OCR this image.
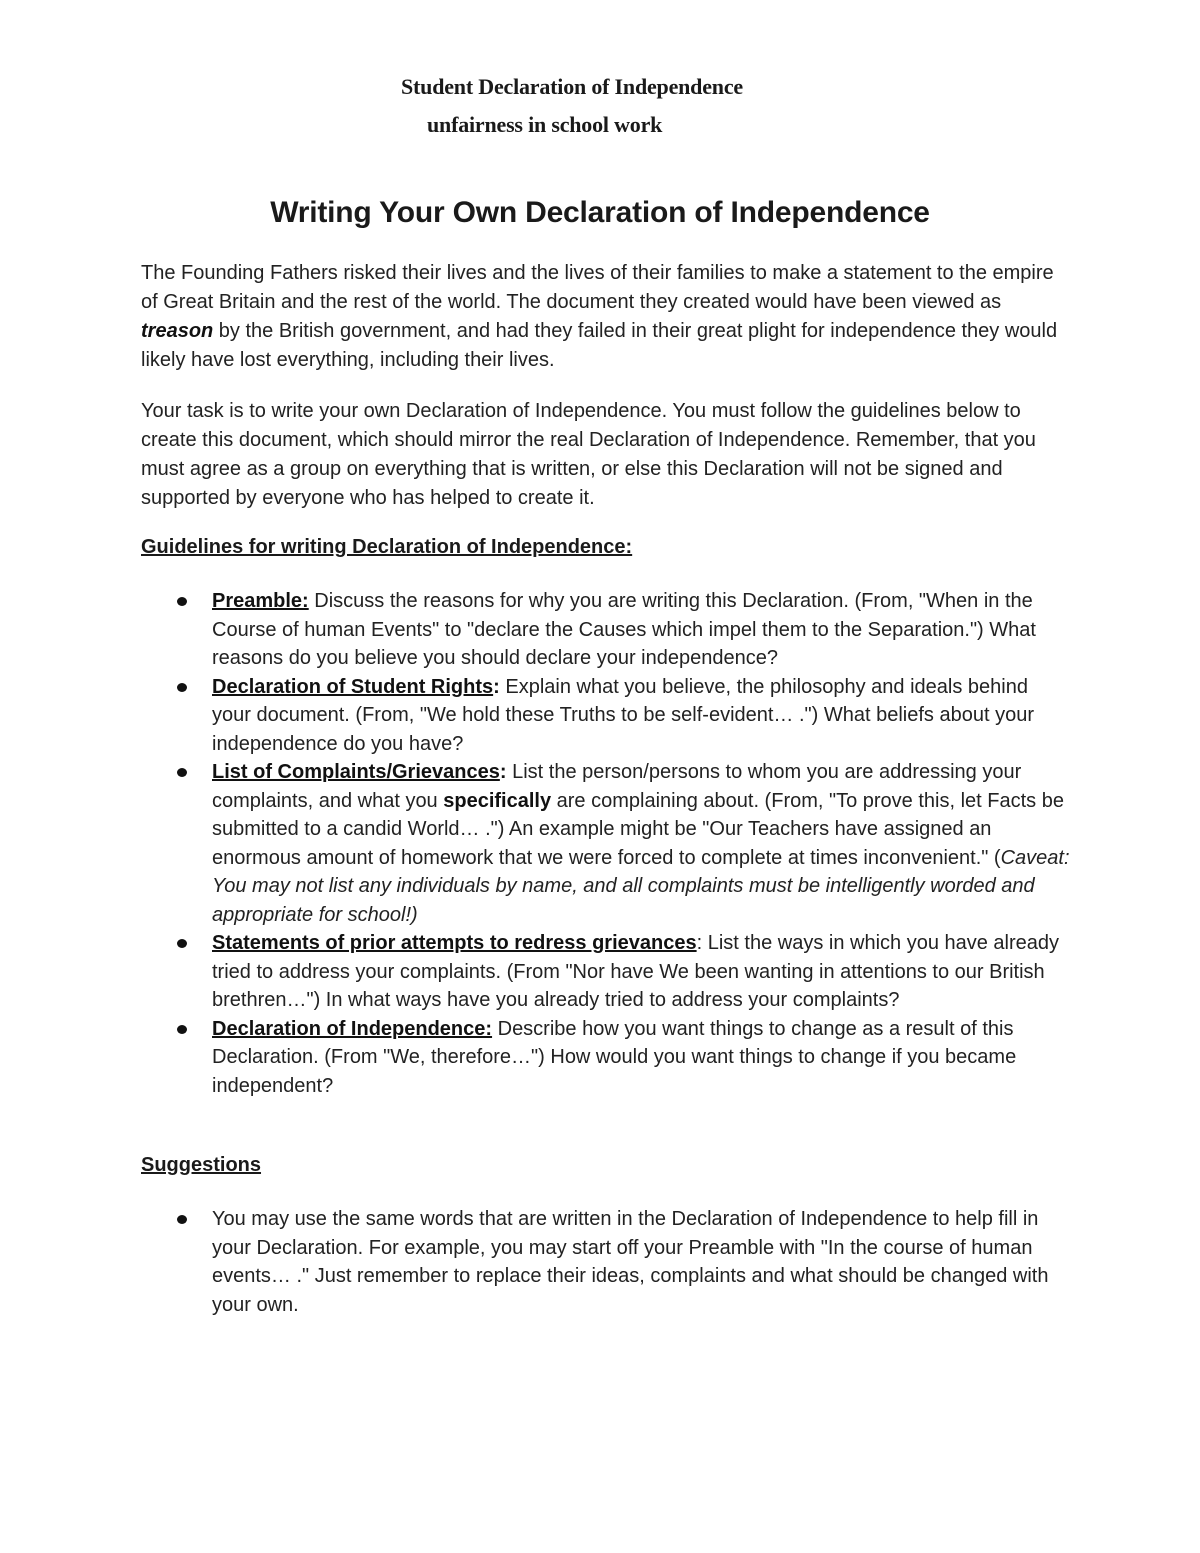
Student Declaration of Independence
unfairness in school work
Writing Your Own Declaration of Independence

The Founding Fathers risked their lives and the lives of their families to make a statement to the empire of Great Britain and the rest of the world. The document they created would have been viewed as treason by the British government, and had they failed in their great plight for independence they would likely have lost everything, including their lives.

Your task is to write your own Declaration of Independence. You must follow the guidelines below to create this document, which should mirror the real Declaration of Independence. Remember, that you must agree as a group on everything that is written, or else this Declaration will not be signed and supported by everyone who has helped to create it.

Guidelines for writing Declaration of Independence:
Preamble: Discuss the reasons for why you are writing this Declaration. (From, "When in the Course of human Events" to "declare the Causes which impel them to the Separation.") What reasons do you believe you should declare your independence?
Declaration of Student Rights: Explain what you believe, the philosophy and ideals behind your document. (From, "We hold these Truths to be self-evident… .") What beliefs about your independence do you have?
List of Complaints/Grievances: List the person/persons to whom you are addressing your complaints, and what you specifically are complaining about. (From, "To prove this, let Facts be submitted to a candid World… .") An example might be "Our Teachers have assigned an enormous amount of homework that we were forced to complete at times inconvenient." (Caveat: You may not list any individuals by name, and all complaints must be intelligently worded and appropriate for school!)
Statements of prior attempts to redress grievances: List the ways in which you have already tried to address your complaints. (From "Nor have We been wanting in attentions to our British brethren…") In what ways have you already tried to address your complaints?
Declaration of Independence: Describe how you want things to change as a result of this Declaration. (From "We, therefore…") How would you want things to change if you became independent?
Suggestions
You may use the same words that are written in the Declaration of Independence to help fill in your Declaration. For example, you may start off your Preamble with "In the course of human events… ." Just remember to replace their ideas, complaints and what should be changed with your own.
